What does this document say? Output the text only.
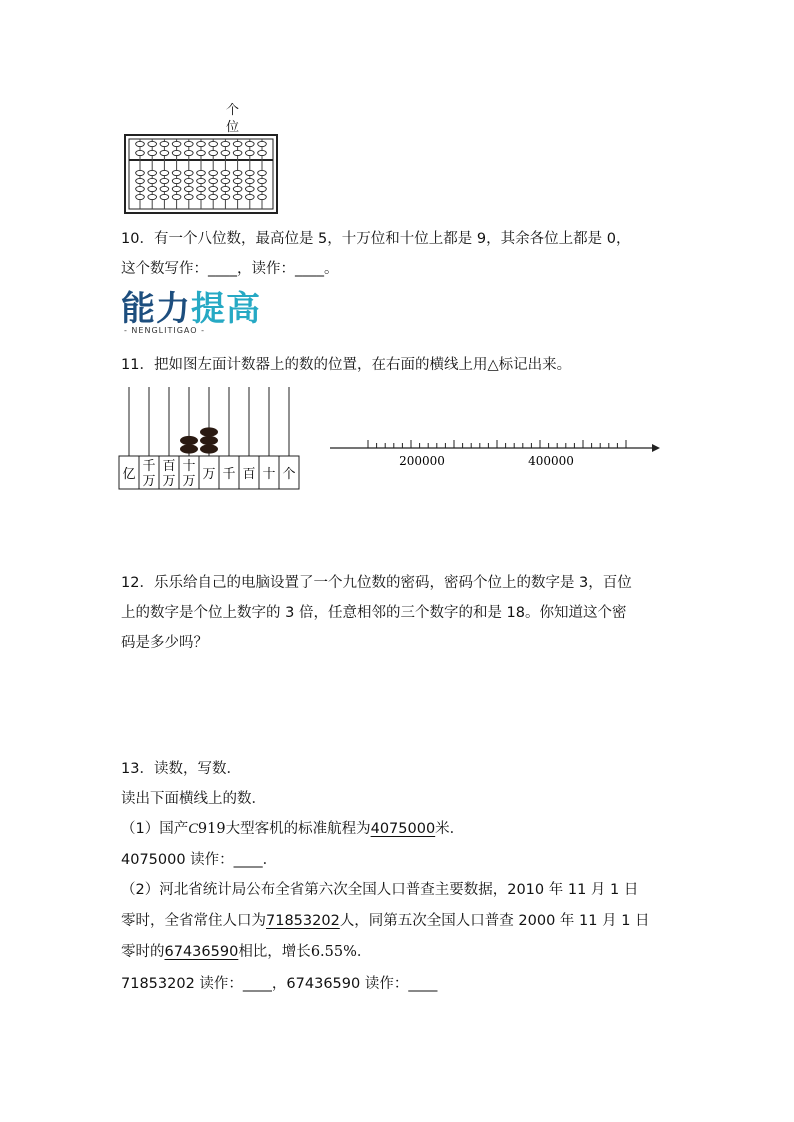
个
位
10．有一个八位数，最高位是 5，十万位和十位上都是 9，其余各位上都是 0，
这个数写作：____，读作：____。
能力提高
- NENGLITIGAO -
11．把如图左面计数器上的数的位置，在右面的横线上用△标记出来。
亿
千
万
百
万
十
万 万 千 百 十 个
200000	400000
12．乐乐给自己的电脑设置了一个九位数的密码，密码个位上的数字是 3，百位
上的数字是个位上数字的 3 倍，任意相邻的三个数字的和是 18。你知道这个密
码是多少吗？
13．读数，写数．
读出下面横线上的数．
（1）国产C919大型客机的标准航程为4075000米．
4075000 读作：____．
（2）河北省统计局公布全省第六次全国人口普查主要数据，2010 年 11 月 1 日
零时，全省常住人口为71853202人，同第五次全国人口普查 2000 年 11 月 1 日
零时的67436590相比，增长6.55%．
71853202 读作：____，67436590 读作：____
